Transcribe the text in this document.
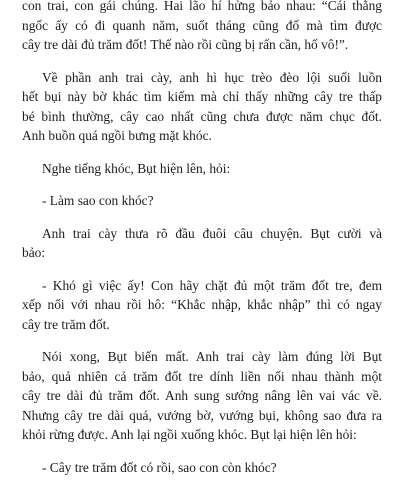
con trai, con gái chúng. Hai lão hí hửng bảo nhau: “Cái thằng
ngốc ấy có đi quanh năm, suốt tháng cũng đố mà tìm được
cây tre dài đủ trăm đốt! Thế nào rồi cũng bị rấn cần, hố vô!”.

Về phần anh trai cày, anh hì hục trèo đèo lội suối luồn
hết bụi này bờ khác tìm kiếm mà chỉ thấy những cây tre thấp
bé bình thường, cây cao nhất cũng chưa được năm chục đốt.
Anh buồn quá ngồi bưng mặt khóc.

Nghe tiếng khóc, Bụt hiện lên, hỏi:

- Làm sao con khóc?

Anh trai cày thưa rõ đầu đuôi câu chuyện. Bụt cười và
bảo:

- Khó gì việc ấy! Con hãy chặt đủ một trăm đốt tre, đem
xếp nối với nhau rồi hô: “Khắc nhập, khắc nhập” thì có ngay
cây tre trăm đốt.

Nói xong, Bụt biến mất. Anh trai cày làm đúng lời Bụt
bảo, quả nhiên cả trăm đốt tre dính liền nối nhau thành một
cây tre dài đủ trăm đốt. Anh sung sướng nâng lên vai vác về.
Nhưng cây tre dài quá, vướng bờ, vướng bụi, không sao đưa ra
khỏi rừng được. Anh lại ngồi xuống khóc. Bụt lại hiện lên hỏi:

- Cây tre trăm đốt có rồi, sao con còn khóc?
